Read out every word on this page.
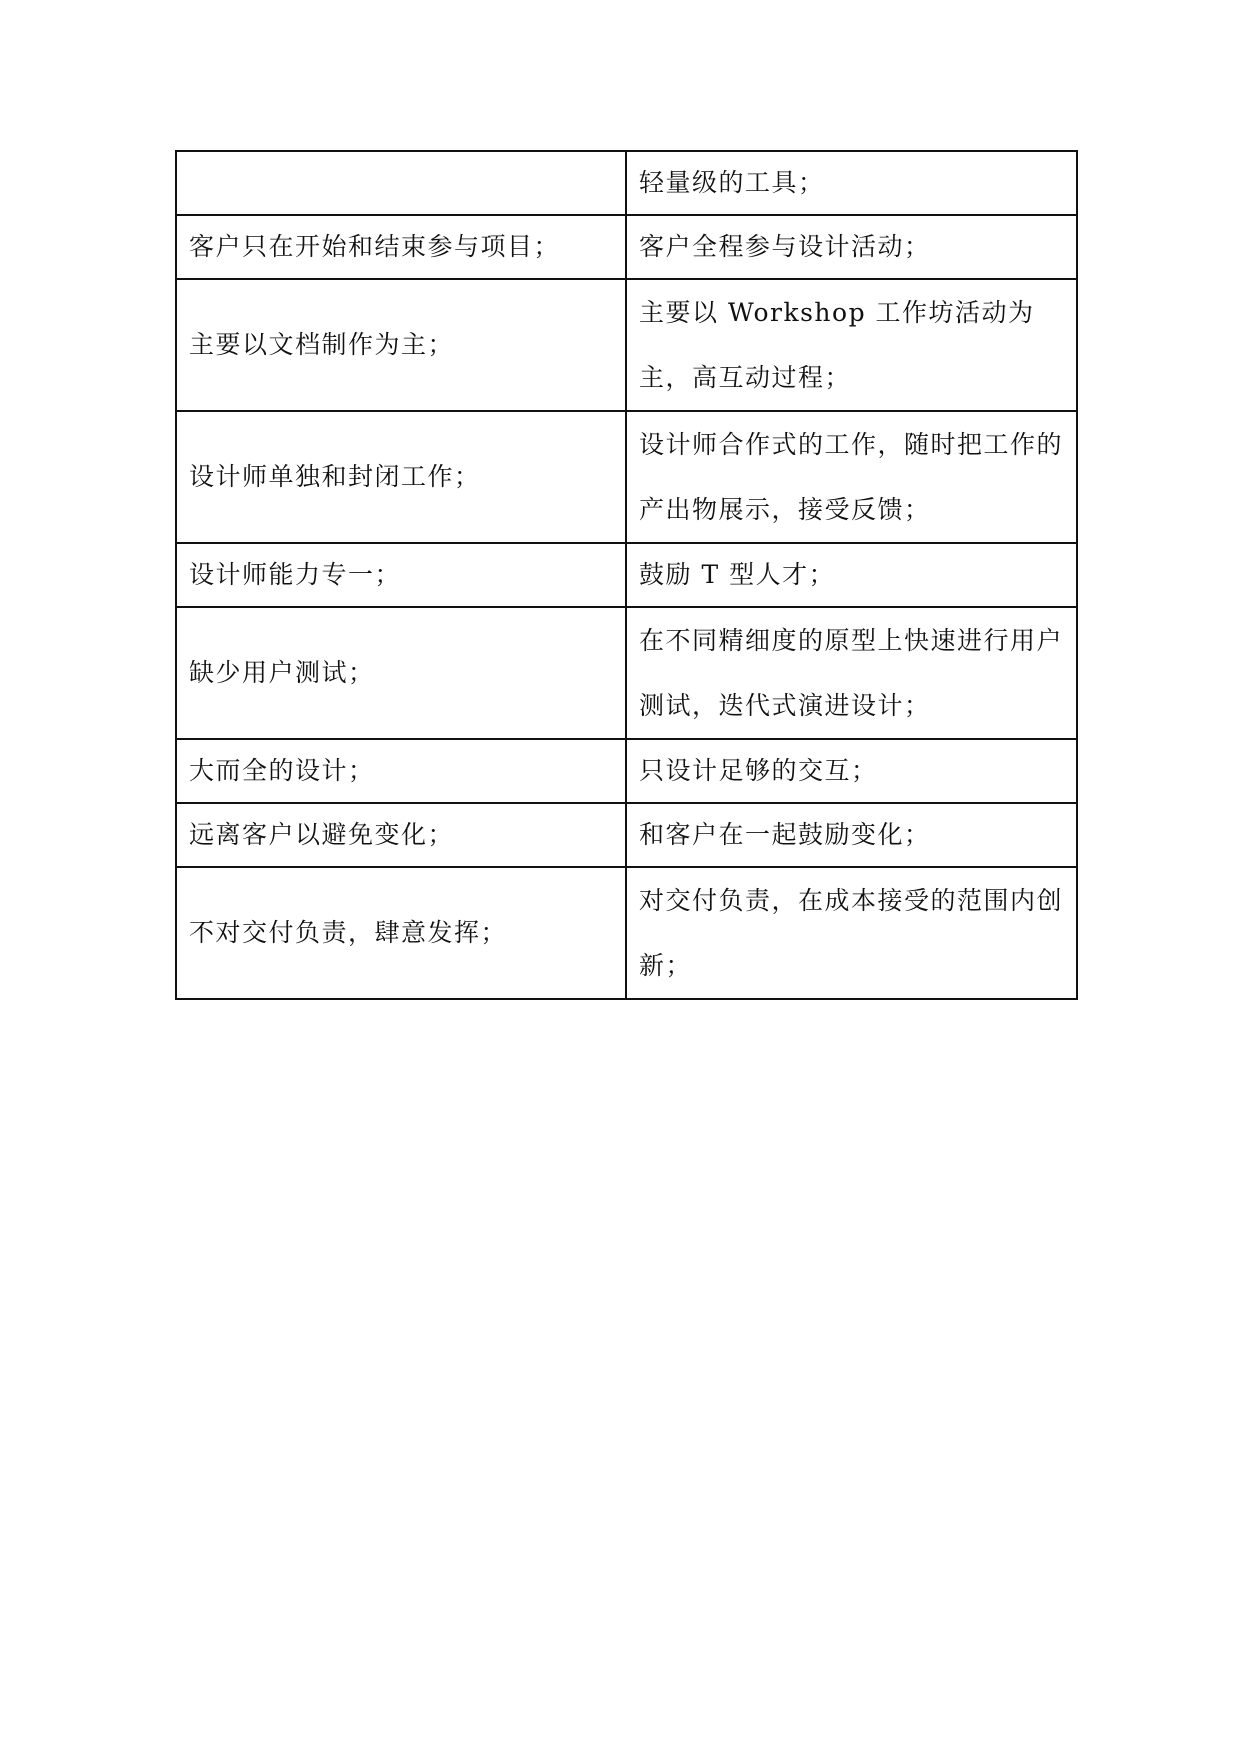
	轻量级的工具；
客户只在开始和结束参与项目；	客户全程参与设计活动；
主要以文档制作为主；	主要以 Workshop 工作坊活动为主，高互动过程；
设计师单独和封闭工作；	设计师合作式的工作，随时把工作的产出物展示，接受反馈；
设计师能力专一；	鼓励 T 型人才；
缺少用户测试；	在不同精细度的原型上快速进行用户测试，迭代式演进设计；
大而全的设计；	只设计足够的交互；
远离客户以避免变化；	和客户在一起鼓励变化；
不对交付负责，肆意发挥；	对交付负责，在成本接受的范围内创新；
